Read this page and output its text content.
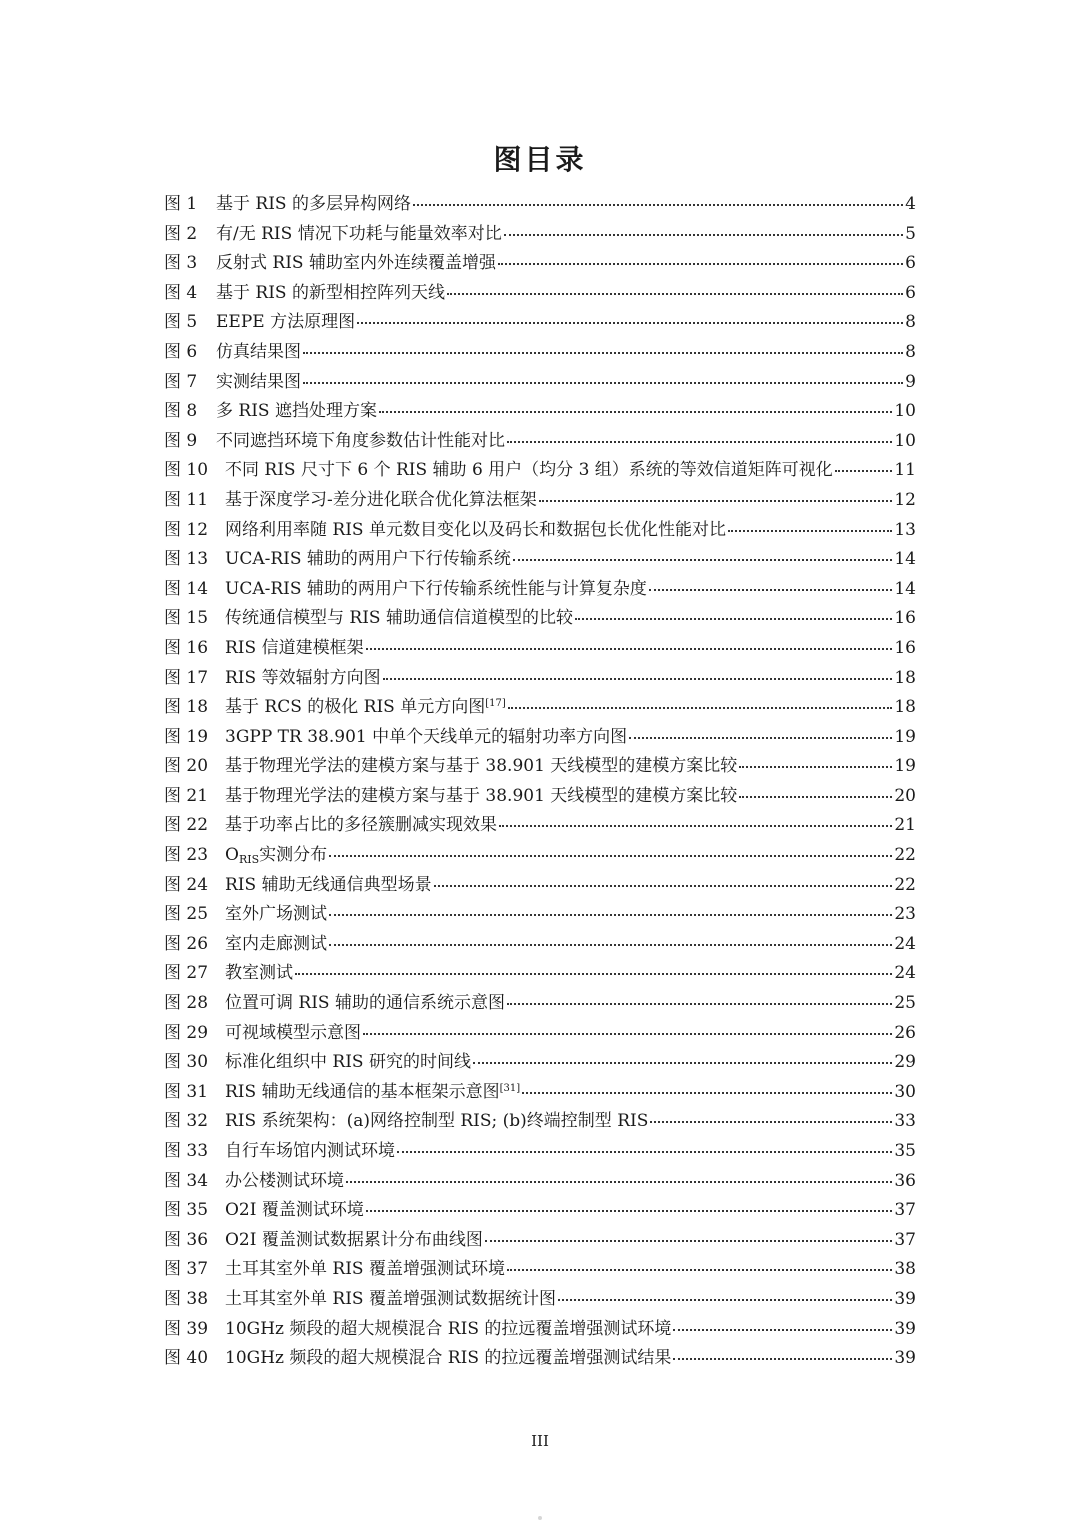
图目录
图 1	基于 RIS 的多层异构网络	4
图 2	有/无 RIS 情况下功耗与能量效率对比	5
图 3	反射式 RIS 辅助室内外连续覆盖增强	6
图 4	基于 RIS 的新型相控阵列天线	6
图 5	EEPE 方法原理图	8
图 6	仿真结果图	8
图 7	实测结果图	9
图 8	多 RIS 遮挡处理方案	10
图 9	不同遮挡环境下角度参数估计性能对比	10
图 10 不同 RIS 尺寸下 6 个 RIS 辅助 6 用户（均分 3 组）系统的等效信道矩阵可视化	11
图 11 基于深度学习-差分进化联合优化算法框架	12
图 12 网络利用率随 RIS 单元数目变化以及码长和数据包长优化性能对比	13
图 13 UCA-RIS 辅助的两用户下行传输系统	14
图 14 UCA-RIS 辅助的两用户下行传输系统性能与计算复杂度	14
图 15 传统通信模型与 RIS 辅助通信信道模型的比较	16
图 16 RIS 信道建模框架	16
图 17 RIS 等效辐射方向图	18
图 18 基于 RCS 的极化 RIS 单元方向图[17]	18
图 19 3GPP TR 38.901 中单个天线单元的辐射功率方向图	19
图 20 基于物理光学法的建模方案与基于 38.901 天线模型的建模方案比较	19
图 21 基于物理光学法的建模方案与基于 38.901 天线模型的建模方案比较	20
图 22 基于功率占比的多径簇删减实现效果	21
图 23 $O_{RIS}$实测分布	22
图 24 RIS 辅助无线通信典型场景	22
图 25 室外广场测试	23
图 26 室内走廊测试	24
图 27 教室测试	24
图 28 位置可调 RIS 辅助的通信系统示意图	25
图 29 可视域模型示意图	26
图 30 标准化组织中 RIS 研究的时间线	29
图 31 RIS 辅助无线通信的基本框架示意图[31]	30
图 32 RIS 系统架构：(a)网络控制型 RIS; (b)终端控制型 RIS	33
图 33 自行车场馆内测试环境	35
图 34 办公楼测试环境	36
图 35 O2I 覆盖测试环境	37
图 36 O2I 覆盖测试数据累计分布曲线图	37
图 37 土耳其室外单 RIS 覆盖增强测试环境	38
图 38 土耳其室外单 RIS 覆盖增强测试数据统计图	39
图 39 10GHz 频段的超大规模混合 RIS 的拉远覆盖增强测试环境	39
图 40 10GHz 频段的超大规模混合 RIS 的拉远覆盖增强测试结果	39
III
